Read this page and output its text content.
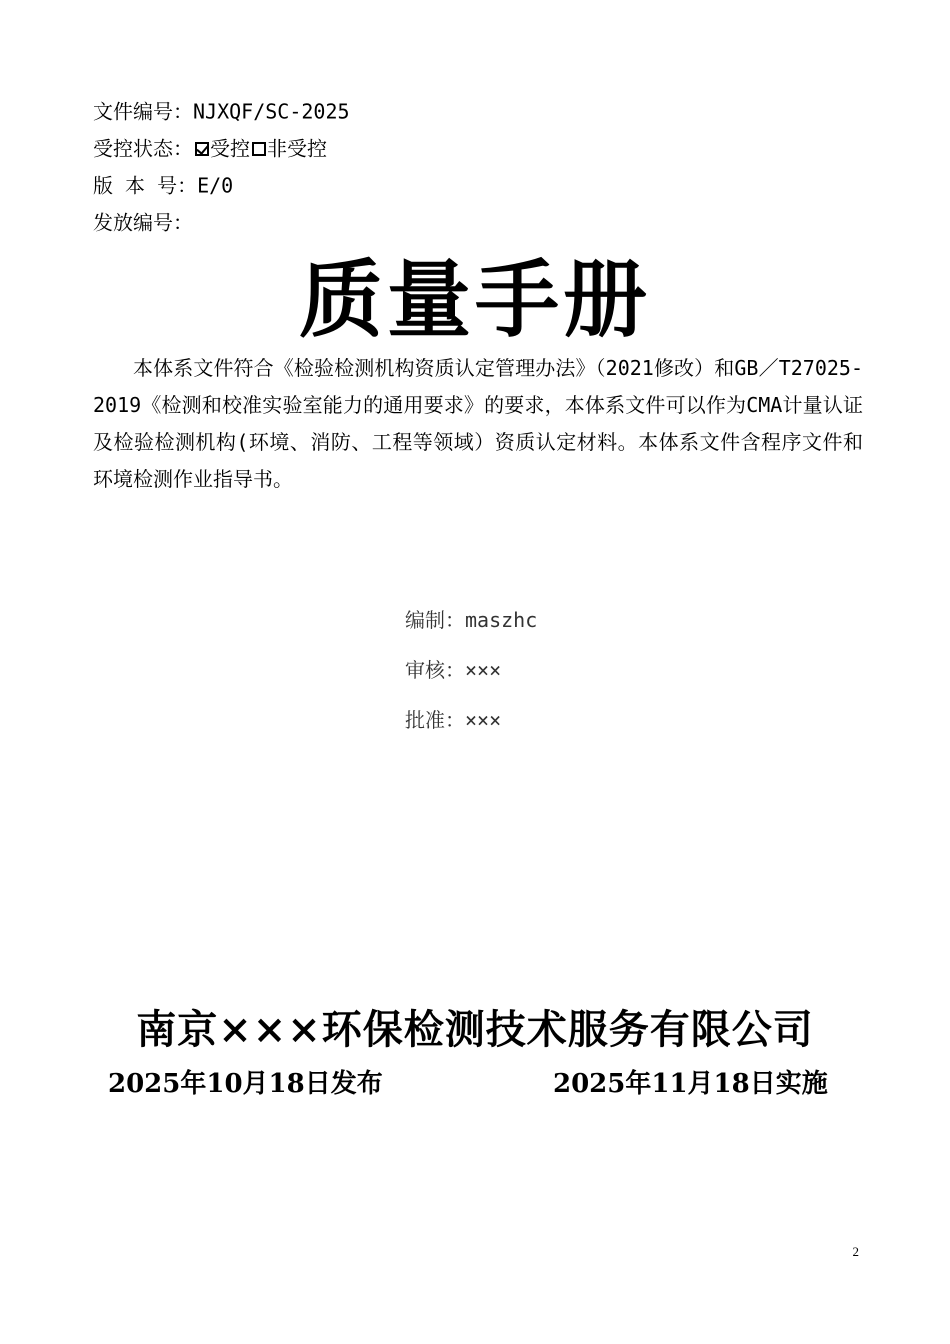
文件编号：NJXQF/SC-2025
受控状态： 受控 非受控
版 本 号：E/0
发放编号：
质量手册
本体系文件符合《检验检测机构资质认定管理办法》（2021修改）和GB／T27025-2019《检测和校准实验室能力的通用要求》的要求，本体系文件可以作为CMA计量认证及检验检测机构(环境、消防、工程等领域）资质认定材料。本体系文件含程序文件和环境检测作业指导书。
编制：maszhc
审核：×××
批准：×××
南京×××环保检测技术服务有限公司
2025年10月18日发布	2025年11月18日实施
2
